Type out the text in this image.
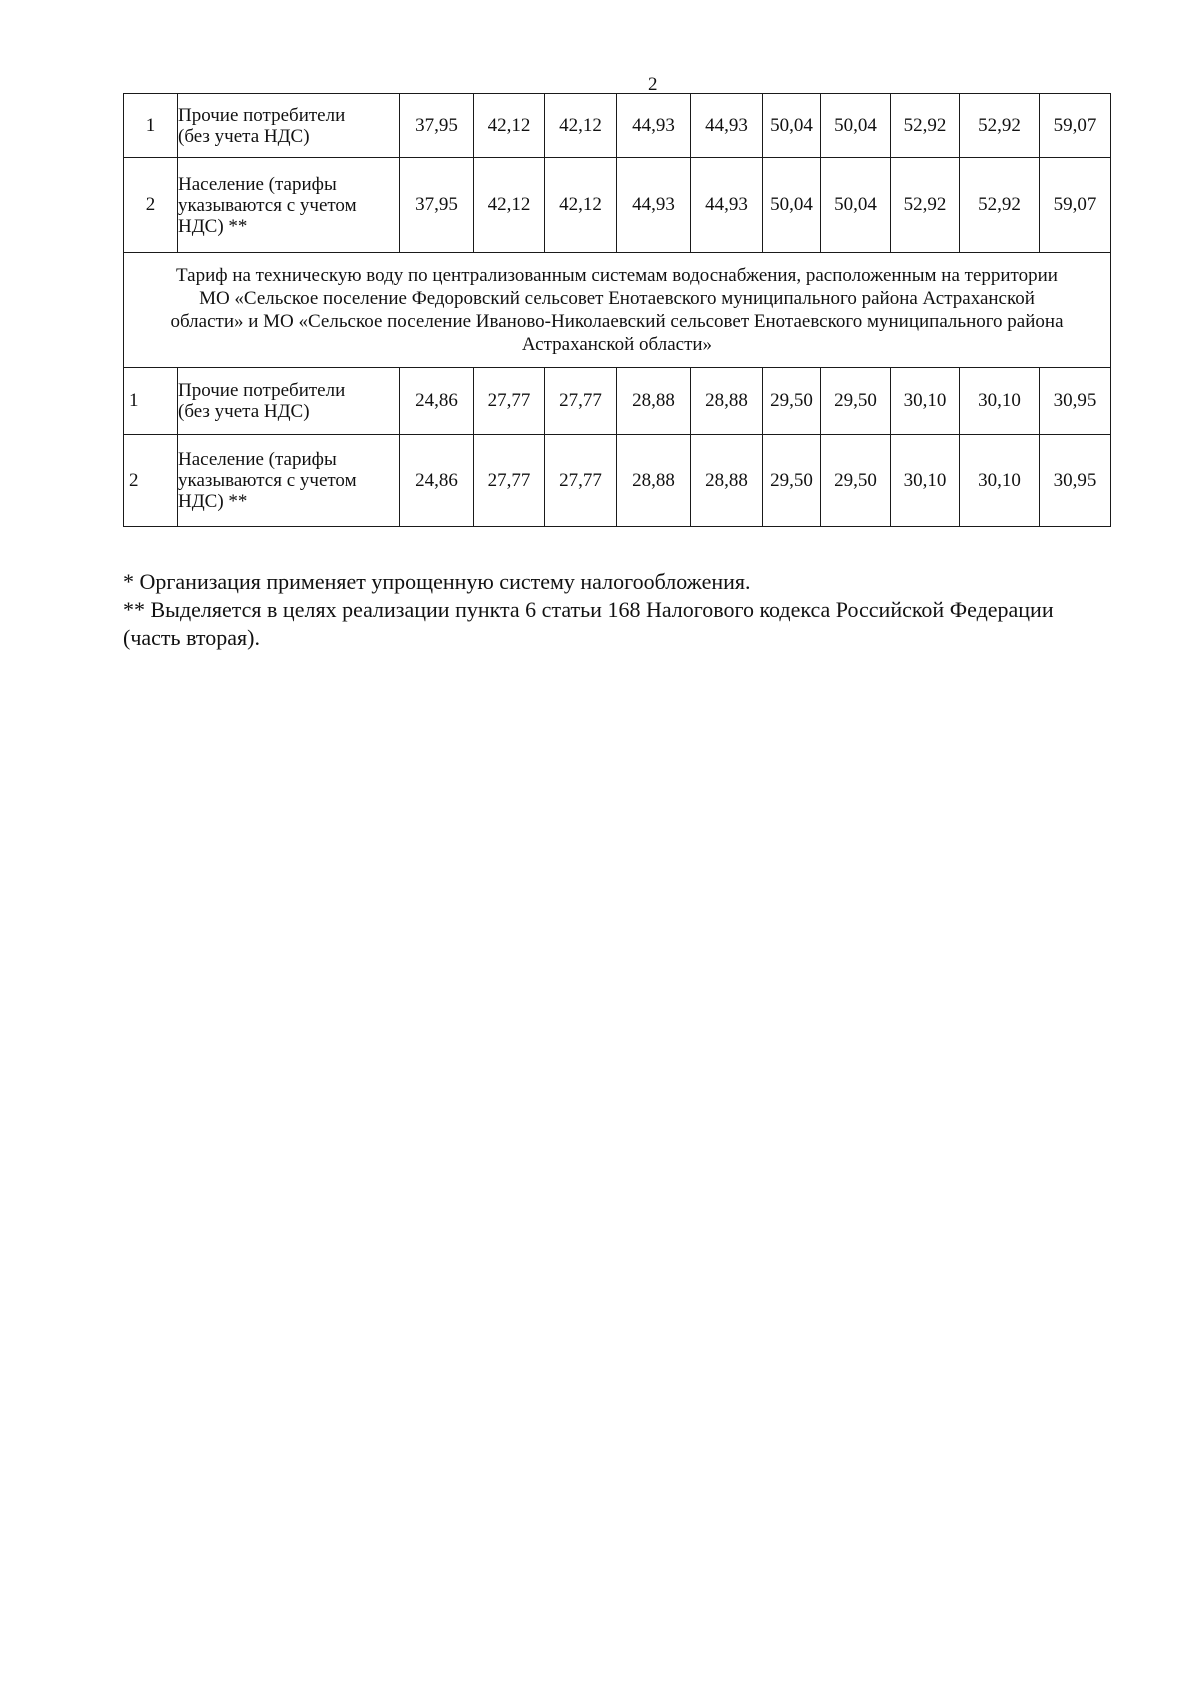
2
1	Прочие потребители
(без учета НДС)	37,95	42,12	42,12	44,93	44,93	50,04	50,04	52,92	52,92	59,07
2	Население (тарифы
указываются с учетом
НДС) **	37,95	42,12	42,12	44,93	44,93	50,04	50,04	52,92	52,92	59,07

Тариф на техническую воду по централизованным системам водоснабжения, расположенным на территории
МО «Сельское поселение Федоровский сельсовет Енотаевского муниципального района Астраханской
области» и МО «Сельское поселение Иваново-Николаевский сельсовет Енотаевского муниципального района
Астраханской области»											

1	Прочие потребители
(без учета НДС)	24,86	27,77	27,77	28,88	28,88	29,50	29,50	30,10	30,10	30,95
2	Население (тарифы
указываются с учетом
НДС) **	24,86	27,77	27,77	28,88	28,88	29,50	29,50	30,10	30,10	30,95
* Организация применяет упрощенную систему налогообложения.
** Выделяется в целях реализации пункта 6 статьи 168 Налогового кодекса Российской Федерации
(часть вторая).
